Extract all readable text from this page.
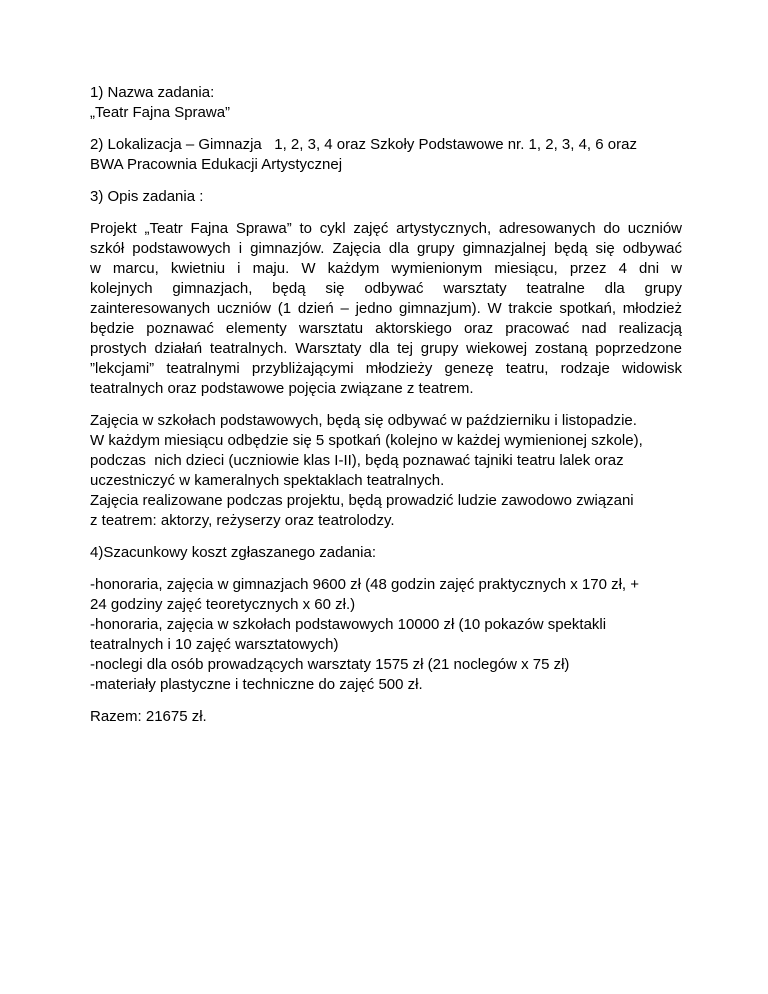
1) Nazwa zadania:
„Teatr Fajna Sprawa”
2) Lokalizacja – Gimnazja   1, 2, 3, 4 oraz Szkoły Podstawowe nr. 1, 2, 3, 4, 6 oraz
BWA Pracownia Edukacji Artystycznej
3) Opis zadania :
Projekt „Teatr Fajna Sprawa” to cykl zajęć artystycznych, adresowanych do uczniów
szkół podstawowych i gimnazjów. Zajęcia dla grupy gimnazjalnej będą się odbywać
w marcu, kwietniu i maju. W każdym wymienionym miesiącu, przez 4 dni w
kolejnych gimnazjach, będą się odbywać warsztaty teatralne dla grupy
zainteresowanych uczniów (1 dzień – jedno gimnazjum). W trakcie spotkań, młodzież
będzie poznawać elementy warsztatu aktorskiego oraz pracować nad realizacją
prostych działań teatralnych. Warsztaty dla tej grupy wiekowej zostaną poprzedzone
”lekcjami” teatralnymi przybliżającymi młodzieży genezę teatru, rodzaje widowisk
teatralnych oraz podstawowe pojęcia związane z teatrem.
Zajęcia w szkołach podstawowych, będą się odbywać w październiku i listopadzie.
W każdym miesiącu odbędzie się 5 spotkań (kolejno w każdej wymienionej szkole),
podczas  nich dzieci (uczniowie klas I-II), będą poznawać tajniki teatru lalek oraz
uczestniczyć w kameralnych spektaklach teatralnych.
Zajęcia realizowane podczas projektu, będą prowadzić ludzie zawodowo związani
z teatrem: aktorzy, reżyserzy oraz teatrolodzy.
4)Szacunkowy koszt zgłaszanego zadania:
-honoraria, zajęcia w gimnazjach 9600 zł (48 godzin zajęć praktycznych x 170 zł, +
24 godziny zajęć teoretycznych x 60 zł.)
-honoraria, zajęcia w szkołach podstawowych 10000 zł (10 pokazów spektakli
teatralnych i 10 zajęć warsztatowych)
-noclegi dla osób prowadzących warsztaty 1575 zł (21 noclegów x 75 zł)
-materiały plastyczne i techniczne do zajęć 500 zł.
Razem: 21675 zł.
